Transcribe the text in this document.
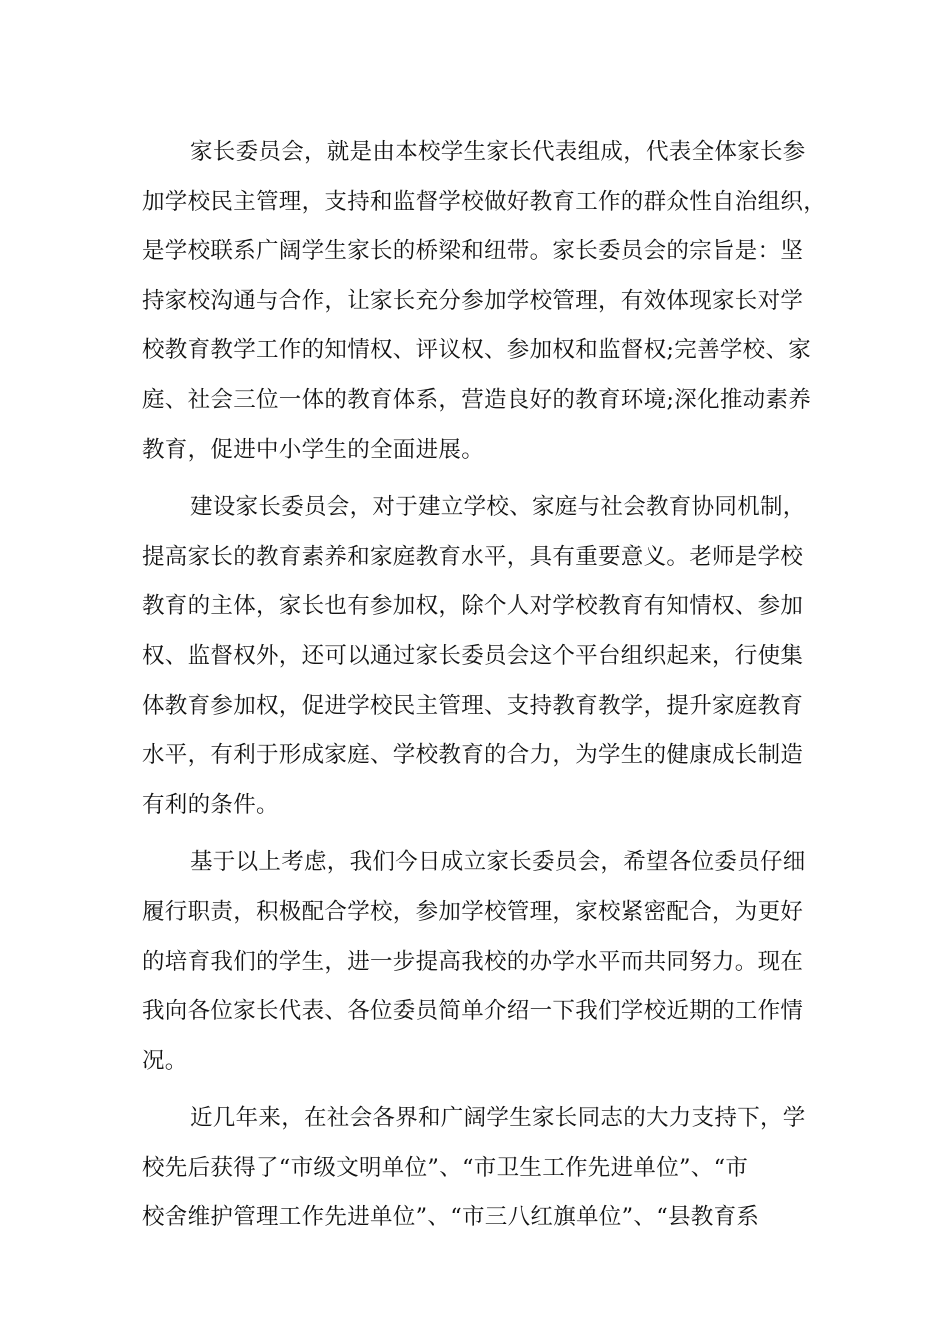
家长委员会，就是由本校学生家长代表组成，代表全体家长参
加学校民主管理，支持和监督学校做好教育工作的群众性自治组织，
是学校联系广阔学生家长的桥梁和纽带。家长委员会的宗旨是：坚
持家校沟通与合作，让家长充分参加学校管理，有效体现家长对学
校教育教学工作的知情权、评议权、参加权和监督权;完善学校、家
庭、社会三位一体的教育体系，营造良好的教育环境;深化推动素养
教育，促进中小学生的全面进展。

建设家长委员会，对于建立学校、家庭与社会教育协同机制，
提高家长的教育素养和家庭教育水平，具有重要意义。老师是学校
教育的主体，家长也有参加权，除个人对学校教育有知情权、参加
权、监督权外，还可以通过家长委员会这个平台组织起来，行使集
体教育参加权，促进学校民主管理、支持教育教学，提升家庭教育
水平，有利于形成家庭、学校教育的合力，为学生的健康成长制造
有利的条件。

基于以上考虑，我们今日成立家长委员会，希望各位委员仔细
履行职责，积极配合学校，参加学校管理，家校紧密配合，为更好
的培育我们的学生，进一步提高我校的办学水平而共同努力。现在
我向各位家长代表、各位委员简单介绍一下我们学校近期的工作情
况。

近几年来，在社会各界和广阔学生家长同志的大力支持下，学
校先后获得了“市级文明单位”、“市卫生工作先进单位”、“市
校舍维护管理工作先进单位”、“市三八红旗单位”、“县教育系
